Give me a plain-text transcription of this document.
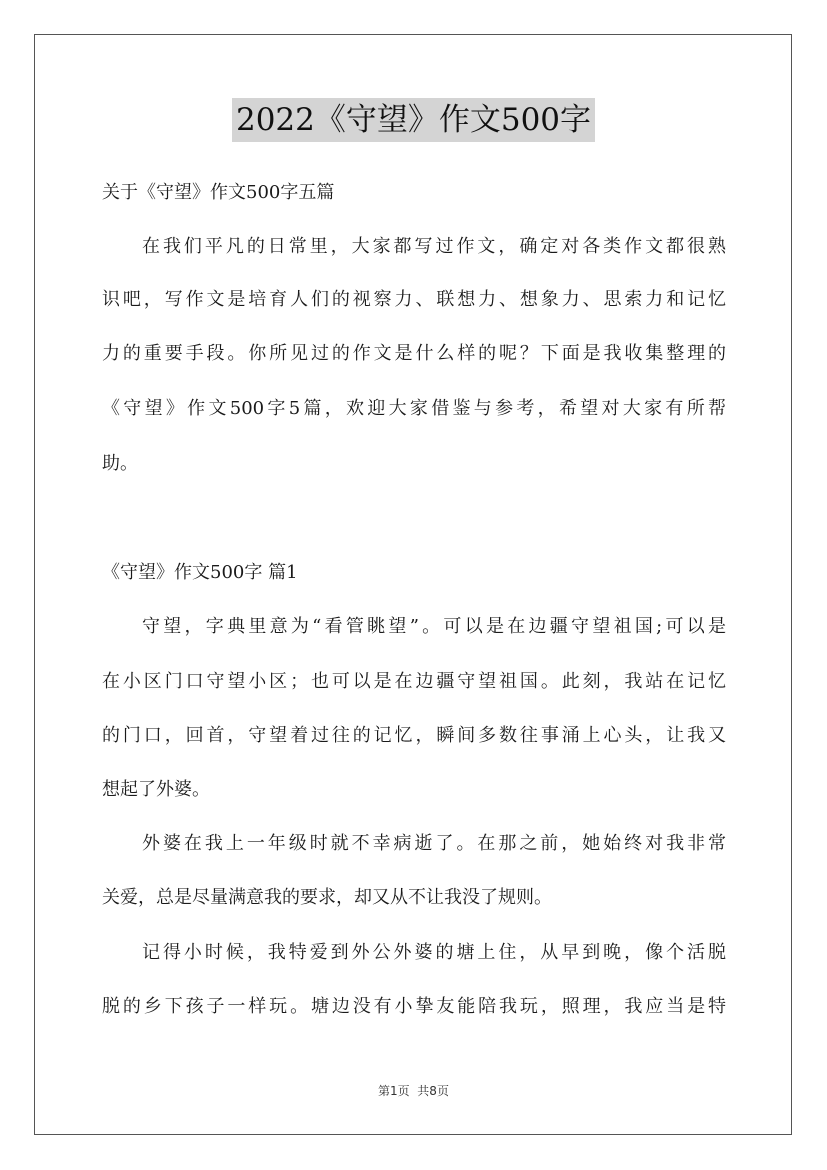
2022《守望》作文500字
关于《守望》作文500字五篇
在我们平凡的日常里，大家都写过作文，确定对各类作文都很熟
识吧，写作文是培育人们的视察力、联想力、想象力、思索力和记忆
力的重要手段。你所见过的作文是什么样的呢？下面是我收集整理的
《守望》作文500字5篇，欢迎大家借鉴与参考，希望对大家有所帮
助。
《守望》作文500字 篇1
守望，字典里意为“看管眺望”。可以是在边疆守望祖国;可以是
在小区门口守望小区；也可以是在边疆守望祖国。此刻，我站在记忆
的门口，回首，守望着过往的记忆，瞬间多数往事涌上心头，让我又
想起了外婆。
外婆在我上一年级时就不幸病逝了。在那之前，她始终对我非常
关爱，总是尽量满意我的要求，却又从不让我没了规则。
记得小时候，我特爱到外公外婆的塘上住，从早到晚，像个活脱
脱的乡下孩子一样玩。塘边没有小挚友能陪我玩，照理，我应当是特
第1页  共8页
